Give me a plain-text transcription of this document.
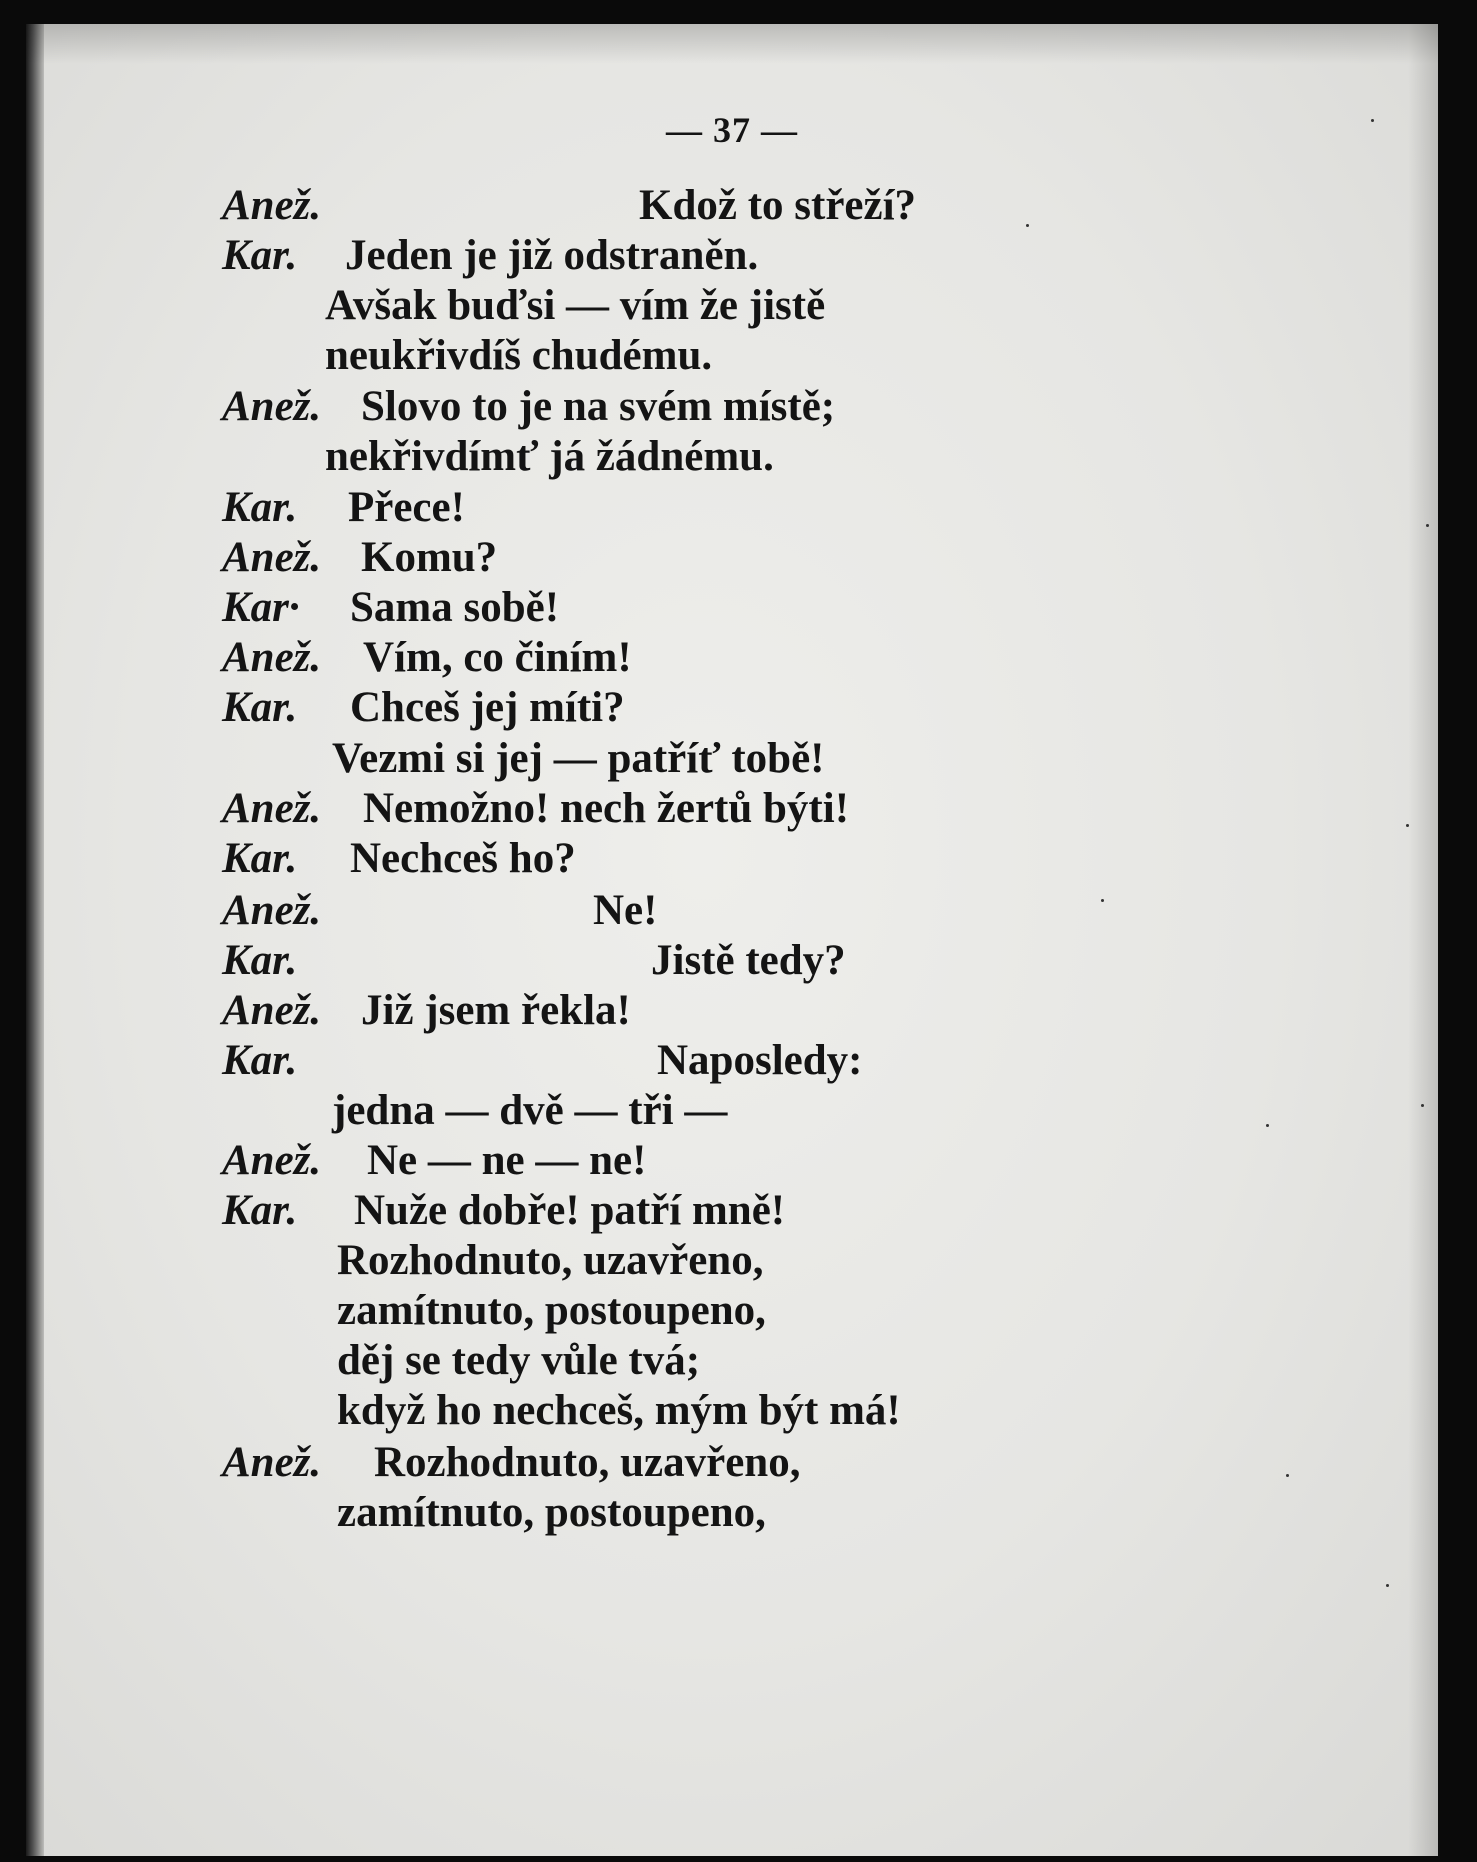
— 37 —
Anež.	Kdož to střeží?
Kar. Jeden je již odstraněn.
Avšak buďsi — vím že jistě
neukřivdíš chudému.
Anež. Slovo to je na svém místě;
nekřivdímť já žádnému.
Kar. Přece!
Anež. Komu?
Kar· Sama sobě!
Anež. Vím, co činím!
Kar. Chceš jej míti?
Vezmi si jej — patříť tobě!
Anež. Nemožno! nech žertů býti!
Kar. Nechceš ho?
Anež.	Ne!
Kar.	Jistě tedy?
Anež. Již jsem řekla!
Kar.	Naposledy:
jedna — dvě — tři —
Anež. Ne — ne — ne!
Kar. Nuže dobře! patří mně!
Rozhodnuto, uzavřeno,
zamítnuto, postoupeno,
děj se tedy vůle tvá;
když ho nechceš, mým být má!
Anež. Rozhodnuto, uzavřeno,
zamítnuto, postoupeno,
